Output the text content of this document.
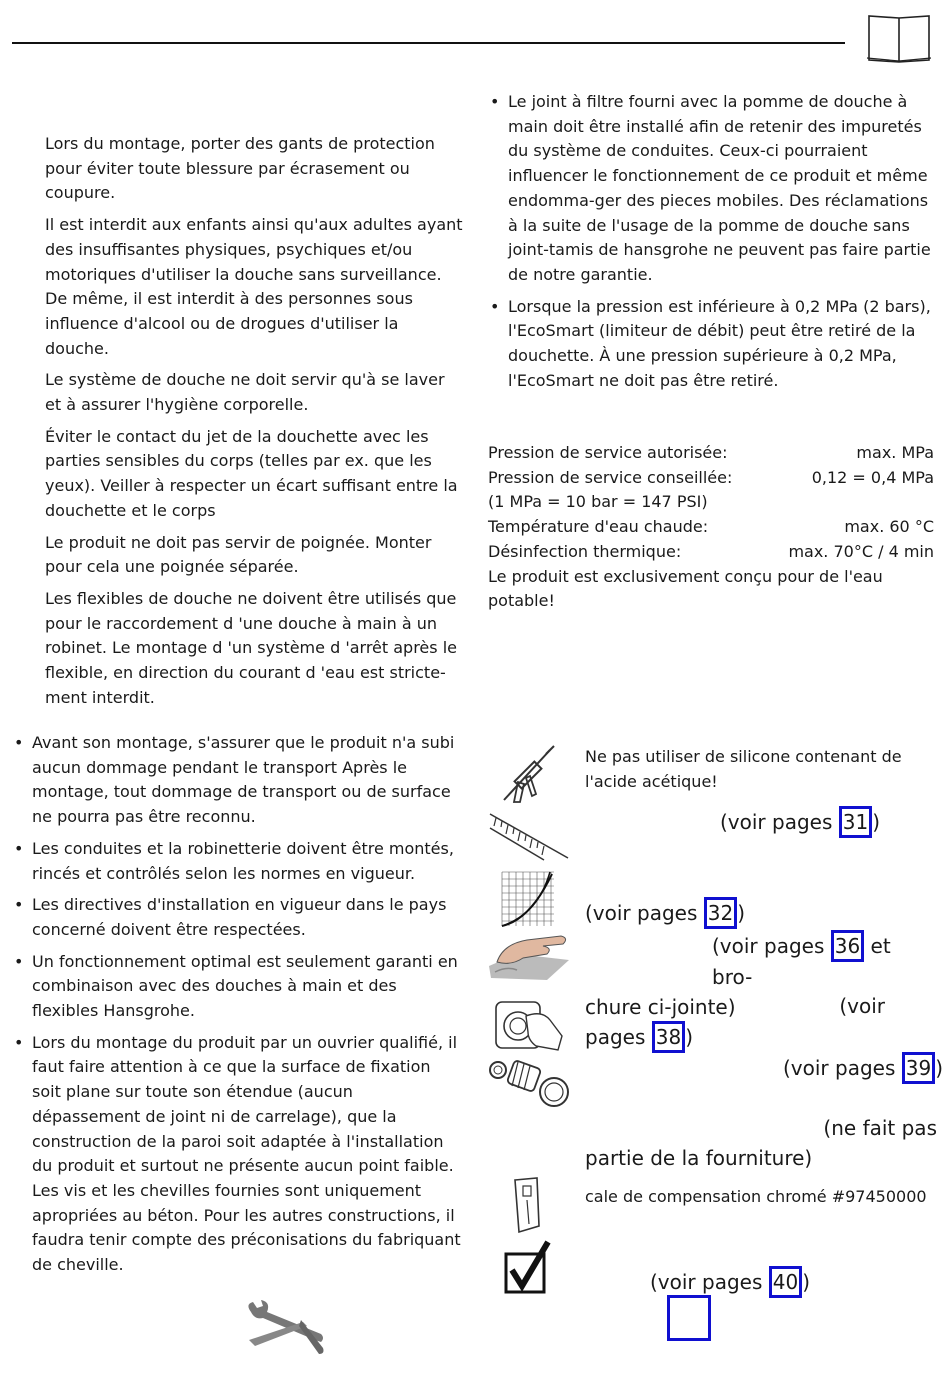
Lors du montage, porter des gants de protection pour éviter toute blessure par écrasement ou coupure.

Il est interdit aux enfants ainsi qu'aux adultes ayant des insuffisantes physiques, psychiques et/ou motoriques d'utiliser la douche sans surveillance. De même, il est interdit à des personnes sous influence d'alcool ou de drogues d'utiliser la douche.

Le système de douche ne doit servir qu'à se laver et à assurer l'hygiène corporelle.

Éviter le contact du jet de la douchette avec les parties sensibles du corps (telles par ex. que les yeux). Veiller à respecter un écart suffisant entre la douchette et le corps

Le produit ne doit pas servir de poignée. Monter pour cela une poignée séparée.

Les flexibles de douche ne doivent être utilisés que pour le raccordement d 'une douche à main à un robinet. Le montage d 'un système d 'arrêt après le flexible, en direction du courant d 'eau est stricte-ment interdit.

• Le joint à filtre fourni avec la pomme de douche à main doit être installé afin de retenir des impuretés du système de conduites. Ceux-ci pourraient influencer le fonctionnement de ce produit et même endomma-ger des pieces mobiles. Des réclamations à la suite de l'usage de la pomme de douche sans joint-tamis de hansgrohe ne peuvent pas faire partie de notre garantie.
• Lorsque la pression est inférieure à 0,2 MPa (2 bars), l'EcoSmart (limiteur de débit) peut être retiré de la douchette. À une pression supérieure à 0,2 MPa, l'EcoSmart ne doit pas être retiré.
Pression de service autorisée:	max. MPa
Pression de service conseillée:	0,12 = 0,4 MPa
(1 MPa = 10 bar = 147 PSI)
Température d'eau chaude:	max. 60 °C
Désinfection thermique:	max. 70°C / 4 min
Le produit est exclusivement conçu pour de l'eau potable!
• Avant son montage, s'assurer que le produit n'a subi aucun dommage pendant le transport Après le montage, tout dommage de transport ou de surface ne pourra pas être reconnu.
• Les conduites et la robinetterie doivent être montés, rincés et contrôlés selon les normes en vigueur.
• Les directives d'installation en vigueur dans le pays concerné doivent être respectées.
• Un fonctionnement optimal est seulement garanti en combinaison avec des douches à main et des flexibles Hansgrohe.
• Lors du montage du produit par un ouvrier qualifié, il faut faire attention à ce que la surface de fixation soit plane sur toute son étendue (aucun dépassement de joint ni de carrelage), que la construction de la paroi soit adaptée à l'installation du produit et surtout ne présente aucun point faible. Les vis et les chevilles fournies sont uniquement apropriées au béton. Pour les autres constructions, il faudra tenir compte des préconisations du fabriquant de cheville.
Ne pas utiliser de silicone contenant de l'acide acétique!
(voir pages 31 )
(voir pages 32 )
(voir pages 36 et bro-
chure ci-jointe)	(voir
pages 38 )
(voir pages 39 )
(ne fait pas
partie de la fourniture)
cale de compensation chromé #97450000
(voir pages 40 )
